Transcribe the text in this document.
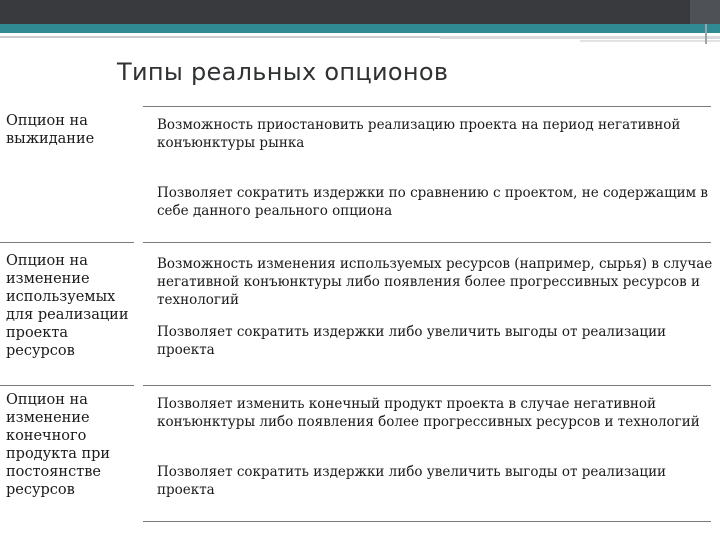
Типы реальных опционов
Опцион на выжидание
Возможность приостановить реализацию проекта на период негативной конъюнктуры рынка
Позволяет сократить издержки по сравнению с проектом, не содержащим в себе данного реального опциона
Опцион на изменение используемых для реализации проекта ресурсов
Возможность изменения используемых ресурсов (например, сырья) в случае негативной конъюнктуры либо появления более прогрессивных ресурсов и технологий
Позволяет сократить издержки либо увеличить выгоды от реализации проекта
Опцион на изменение конечного продукта при постоянстве ресурсов
Позволяет изменить конечный продукт проекта в случае негативной конъюнктуры либо появления более прогрессивных ресурсов и технологий
Позволяет сократить издержки либо увеличить выгоды от реализации проекта
